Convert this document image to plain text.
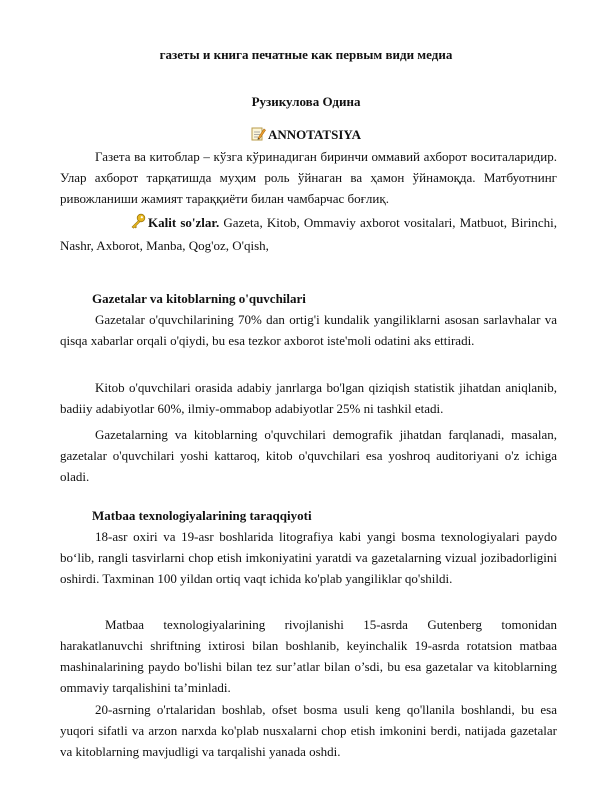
газеты и книга печатные как первым види медиа
Рузикулова Одина
ANNOTATSIYA
Газета ва китоблар – кўзга кўринадиган биринчи оммавий ахборот воситаларидир. Улар ахборот тарқатишда муҳим роль ўйнаган ва ҳамон ўйнамоқда. Матбуотнинг ривожланиши жамият тараққиёти билан чамбарчас боғлиқ.
Kalit so'zlar. Gazeta, Kitob, Ommaviy axborot vositalari, Matbuot, Birinchi, Nashr, Axborot, Manba, Qog'oz, O'qish,
Gazetalar va kitoblarning o'quvchilari
Gazetalar o'quvchilarining 70% dan ortig'i kundalik yangiliklarni asosan sarlavhalar va qisqa xabarlar orqali o'qiydi, bu esa tezkor axborot iste'moli odatini aks ettiradi.
Kitob o'quvchilari orasida adabiy janrlarga bo'lgan qiziqish statistik jihatdan aniqlanib, badiiy adabiyotlar 60%, ilmiy-ommabop adabiyotlar 25% ni tashkil etadi.
Gazetalarning va kitoblarning o'quvchilari demografik jihatdan farqlanadi, masalan, gazetalar o'quvchilari yoshi kattaroq, kitob o'quvchilari esa yoshroq auditoriyani o'z ichiga oladi.
Matbaa texnologiyalarining taraqqiyoti
18-asr oxiri va 19-asr boshlarida litografiya kabi yangi bosma texnologiyalari paydo bo‘lib, rangli tasvirlarni chop etish imkoniyatini yaratdi va gazetalarning vizual jozibadorligini oshirdi. Taxminan 100 yildan ortiq vaqt ichida ko'plab yangiliklar qo'shildi.
Matbaa texnologiyalarining rivojlanishi 15-asrda Gutenberg tomonidan harakatlanuvchi shriftning ixtirosi bilan boshlanib, keyinchalik 19-asrda rotatsion matbaa mashinalarining paydo bo'lishi bilan tez sur’atlar bilan o’sdi, bu esa gazetalar va kitoblarning ommaviy tarqalishini ta’minladi.
20-asrning o'rtalaridan boshlab, ofset bosma usuli keng qo'llanila boshlandi, bu esa yuqori sifatli va arzon narxda ko'plab nusxalarni chop etish imkonini berdi, natijada gazetalar va kitoblarning mavjudligi va tarqalishi yanada oshdi.
